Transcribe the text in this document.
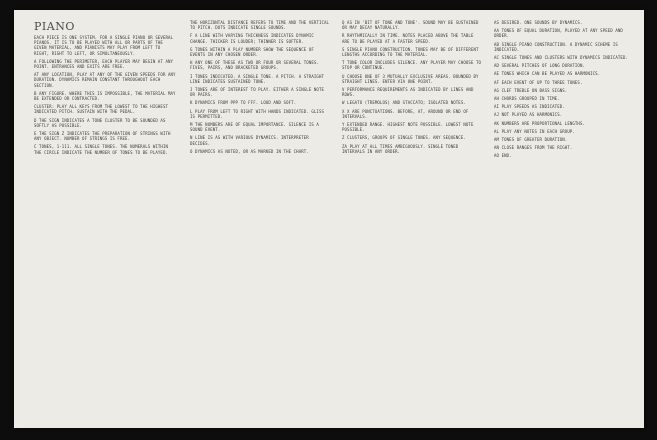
PIANO

EACH PIECE IS ONE SYSTEM. FOR A SINGLE PIANO OR SEVERAL PIANOS. IT IS TO BE PLAYED WITH ALL OR PARTS OF THE GIVEN MATERIAL, AND PIANISTS MAY PLAY FROM LEFT TO RIGHT, RIGHT TO LEFT, OR SIMULTANEOUSLY.

A FOLLOWING THE PERIMETER, EACH PLAYER MAY BEGIN AT ANY POINT. ENTRANCES AND EXITS ARE FREE.

AT ANY LOCATION, PLAY AT ANY OF THE GIVEN SPEEDS FOR ANY DURATION. DYNAMICS REMAIN CONSTANT THROUGHOUT EACH SECTION.

B ANY FIGURE. WHERE THIS IS IMPOSSIBLE, THE MATERIAL MAY BE EXTENDED OR CONTRACTED.

CLUSTER: PLAY ALL KEYS FROM THE LOWEST TO THE HIGHEST INDICATED PITCH. SUSTAIN WITH THE PEDAL.

D THE SIGN INDICATES A TONE CLUSTER TO BE SOUNDED AS SOFTLY AS POSSIBLE.

E THE SIGN Z INDICATES THE PREPARATION OF STRINGS WITH ANY OBJECT. NUMBER OF STRINGS IS FREE.

C TONES, 1-111. ALL SINGLE TONES. THE NUMERALS WITHIN THE CIRCLE INDICATE THE NUMBER OF TONES TO BE PLAYED.

THE HORIZONTAL DISTANCE REFERS TO TIME AND THE VERTICAL TO PITCH. DOTS INDICATE SINGLE SOUNDS.

F A LINE WITH VARYING THICKNESS INDICATES DYNAMIC CHANGE. THICKER IS LOUDER; THINNER IS SOFTER.

G TONES WITHIN A PLAY NUMBER SHOW THE SEQUENCE OF EVENTS IN ANY CHOSEN ORDER.

H ANY ONE OF THESE AS TWO OR FOUR OR SEVERAL TONES. FIVES, PAIRS, AND BRACKETED GROUPS.

I TONES INDICATED. A SINGLE TONE. A PITCH. A STRAIGHT LINE INDICATES SUSTAINED TONE.

J TONES ARE OF INTEREST TO PLAY. EITHER A SINGLE NOTE OR PAIRS.

K DYNAMICS FROM PPP TO FFF. LOUD AND SOFT.

L PLAY FROM LEFT TO RIGHT WITH HANDS INDICATED. GLISS IS PERMITTED.

M THE NUMBERS ARE OF EQUAL IMPORTANCE. SILENCE IS A SOUND EVENT.

N LINE IS AS WITH VARIOUS DYNAMICS. INTERPRETER DECIDES.

O DYNAMICS AS NOTED, OR AS MARKED IN THE CHART.

Q AS IN 'BIT OF TONE AND TONE'. SOUND MAY BE SUSTAINED OR MAY DECAY NATURALLY.

R RHYTHMICALLY IN TIME. NOTES PLACED ABOVE THE TABLE ARE TO BE PLAYED AT A FASTER SPEED.

S SINGLE PIANO CONSTRUCTION. TONES MAY BE OF DIFFERENT LENGTHS ACCORDING TO THE MATERIAL.

T TONE COLOR INCLUDES SILENCE. ANY PLAYER MAY CHOOSE TO STOP OR CONTINUE.

U CHOOSE ONE OF 3 MUTUALLY EXCLUSIVE AREAS. BOUNDED BY STRAIGHT LINES. ENTER VIA ONE POINT.

V PERFORMANCE REQUIREMENTS AS INDICATED BY LINES AND ROWS.

W LEGATO (TREMOLOS) AND STACCATO; ISOLATED NOTES.

X X ARE PUNCTUATIONS. BEFORE, AT, AROUND OR END OF INTERVALS.

Y EXTENDED RANGE. HIGHEST NOTE POSSIBLE. LOWEST NOTE POSSIBLE.

Z CLUSTERS, GROUPS OF SINGLE TONES. ANY SEQUENCE.

ZA PLAY AT ALL TIMES AMBIGUOUSLY. SINGLE TONED INTERVALS IN ANY ORDER.

AS DESIRED. ONE SOUNDS BY DYNAMICS.

AA TONES OF EQUAL DURATION, PLAYED AT ANY SPEED AND ORDER.

AB SINGLE PIANO CONSTRUCTION. A DYNAMIC SCHEME IS INDICATED.

AC SINGLE TONES AND CLUSTERS WITH DYNAMICS INDICATED.

AD SEVERAL PITCHES OF LONG DURATION.

AE TONES WHICH CAN BE PLAYED AS HARMONICS.

AF EACH EVENT OF UP TO THREE TONES.

AG CLEF TREBLE ON BASS SIGNS.

AH CHORDS GROUPED IN TIME.

AI PLAY SPEEDS AS INDICATED.

AJ NOT PLAYED AS HARMONICS.

AK NUMBERS ARE PROPORTIONAL LENGTHS.

AL PLAY ANY NOTES IN EACH GROUP.

AM TONES OF GREATER DURATION.

AN CLOSE RANGES FROM THE RIGHT.

AO END.
